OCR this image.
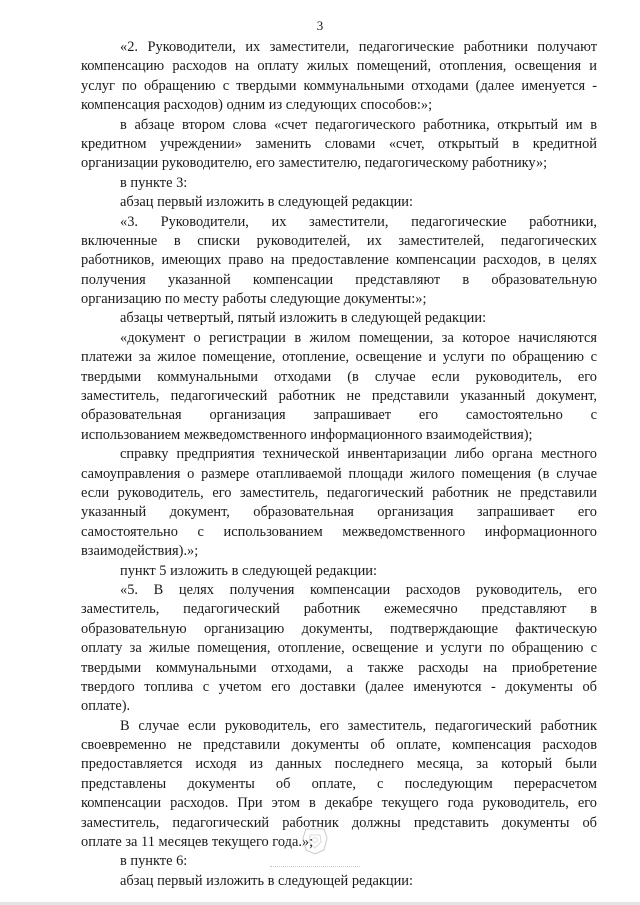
3
«2. Руководители, их заместители, педагогические работники получают
компенсацию расходов на оплату жилых помещений, отопления, освещения и
услуг по обращению с твердыми коммунальными отходами (далее именуется -
компенсация расходов) одним из следующих способов:»;
в абзаце втором слова «счет педагогического работника, открытый им в
кредитном учреждении» заменить словами «счет, открытый в кредитной
организации руководителю, его заместителю, педагогическому работнику»;
в пункте 3:
абзац первый изложить в следующей редакции:
«3. Руководители, их заместители, педагогические работники,
включенные в списки руководителей, их заместителей, педагогических
работников, имеющих право на предоставление компенсации расходов, в целях
получения указанной компенсации представляют в образовательную
организацию по месту работы следующие документы:»;
абзацы четвертый, пятый изложить в следующей редакции:
«документ о регистрации в жилом помещении, за которое начисляются
платежи за жилое помещение, отопление, освещение и услуги по обращению с
твердыми коммунальными отходами (в случае если руководитель, его
заместитель, педагогический работник не представили указанный документ,
образовательная организация запрашивает его самостоятельно с
использованием межведомственного информационного взаимодействия);
справку предприятия технической инвентаризации либо органа местного
самоуправления о размере отапливаемой площади жилого помещения (в случае
если руководитель, его заместитель, педагогический работник не представили
указанный документ, образовательная организация запрашивает его
самостоятельно с использованием межведомственного информационного
взаимодействия).»;
пункт 5 изложить в следующей редакции:
«5. В целях получения компенсации расходов руководитель, его
заместитель, педагогический работник ежемесячно представляют в
образовательную организацию документы, подтверждающие фактическую
оплату за жилые помещения, отопление, освещение и услуги по обращению с
твердыми коммунальными отходами, а также расходы на приобретение
твердого топлива с учетом его доставки (далее именуются - документы об
оплате).
В случае если руководитель, его заместитель, педагогический работник
своевременно не представили документы об оплате, компенсация расходов
предоставляется исходя из данных последнего месяца, за который были
представлены документы об оплате, с последующим перерасчетом
компенсации расходов. При этом в декабре текущего года руководитель, его
заместитель, педагогический работник должны представить документы об
оплате за 11 месяцев текущего года.»;
в пункте 6:
абзац первый изложить в следующей редакции:
